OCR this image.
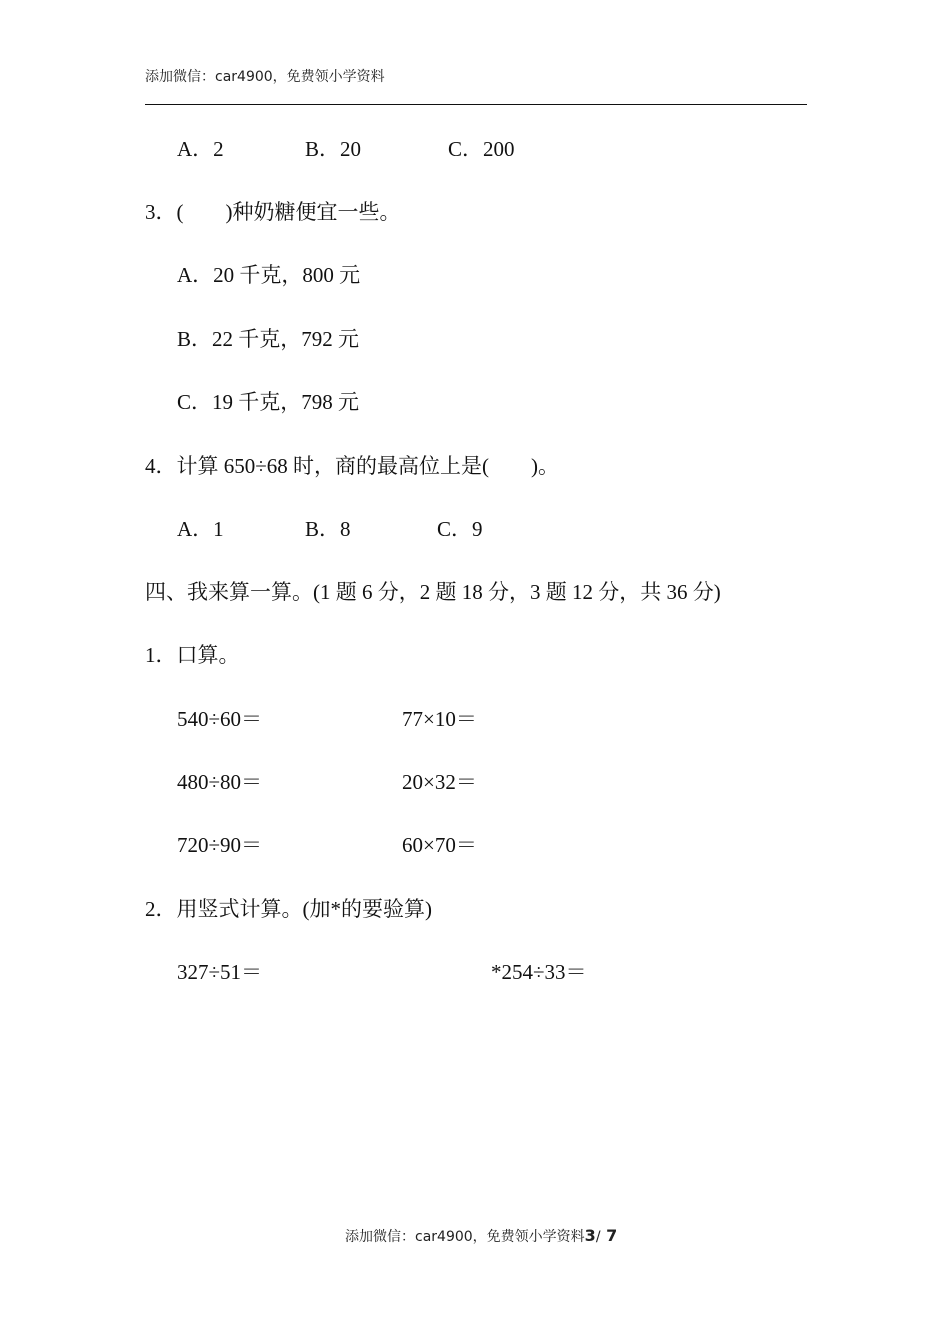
添加微信：car4900，免费领小学资料
A．2	B．20	C．200
3．(　　)种奶糖便宜一些。
A．20 千克，800 元
B．22 千克，792 元
C．19 千克，798 元
4．计算 650÷68 时，商的最高位上是(　　)。
A．1	B．8	C．9
四、我来算一算。(1 题 6 分，2 题 18 分，3 题 12 分，共 36 分)
1．口算。
540÷60＝	77×10＝
480÷80＝	20×32＝
720÷90＝	60×70＝
2．用竖式计算。(加*的要验算)
327÷51＝	*254÷33＝
添加微信：car4900，免费领小学资料3/ 7
